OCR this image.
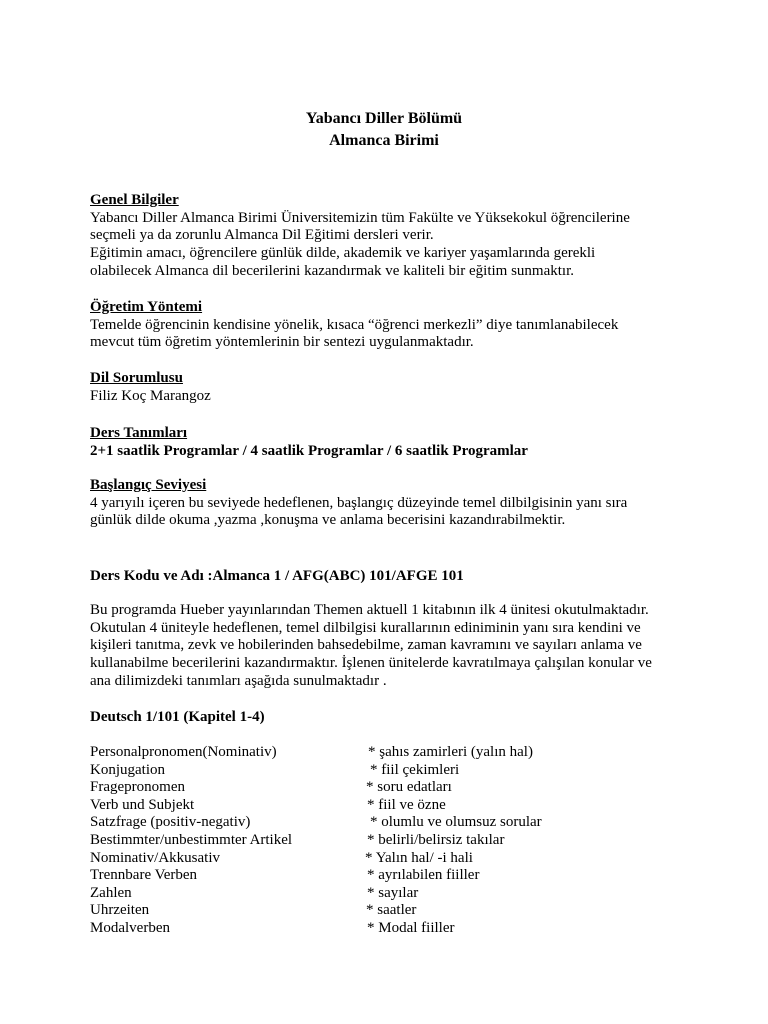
Yabancı Diller Bölümü
Almanca Birimi

Genel Bilgiler

Yabancı Diller Almanca Birimi Üniversitemizin tüm Fakülte ve Yüksekokul öğrencilerine

seçmeli ya da zorunlu Almanca Dil Eğitimi dersleri verir.

Eğitimin amacı, öğrencilere günlük dilde, akademik ve kariyer yaşamlarında gerekli

olabilecek Almanca dil becerilerini kazandırmak ve kaliteli bir eğitim sunmaktır.

Öğretim Yöntemi

Temelde öğrencinin kendisine yönelik, kısaca “öğrenci merkezli” diye tanımlanabilecek

mevcut tüm öğretim yöntemlerinin bir sentezi uygulanmaktadır.

Dil Sorumlusu

Filiz Koç Marangoz

Ders Tanımları

2+1 saatlik Programlar / 4 saatlik Programlar / 6 saatlik Programlar

Başlangıç Seviyesi

4 yarıyılı içeren bu seviyede hedeflenen, başlangıç düzeyinde temel dilbilgisinin yanı sıra

günlük dilde okuma ,yazma ,konuşma ve anlama becerisini kazandırabilmektir.

Ders Kodu ve Adı :Almanca 1 / AFG(ABC) 101/AFGE 101

Bu programda Hueber yayınlarından Themen aktuell 1 kitabının ilk 4 ünitesi okutulmaktadır.

Okutulan 4 üniteyle hedeflenen, temel dilbilgisi kurallarının ediniminin yanı sıra kendini ve

kişileri tanıtma, zevk ve hobilerinden bahsedebilme, zaman kavramını ve sayıları anlama ve

kullanabilme becerilerini kazandırmaktır. İşlenen ünitelerde kavratılmaya çalışılan konular ve

ana dilimizdeki tanımları aşağıda sunulmaktadır .

Deutsch 1/101 (Kapitel 1-4)

Personalpronomen(Nominativ)	* şahıs zamirleri (yalın hal)
Konjugation	* fiil çekimleri
Fragepronomen	* soru edatları
Verb und Subjekt	* fiil ve özne
Satzfrage (positiv-negativ)	* olumlu ve olumsuz sorular
Bestimmter/unbestimmter Artikel	* belirli/belirsiz takılar
Nominativ/Akkusativ	* Yalın hal/ -i hali
Trennbare Verben	* ayrılabilen fiiller
Zahlen	* sayılar
Uhrzeiten	* saatler
Modalverben	* Modal fiiller
